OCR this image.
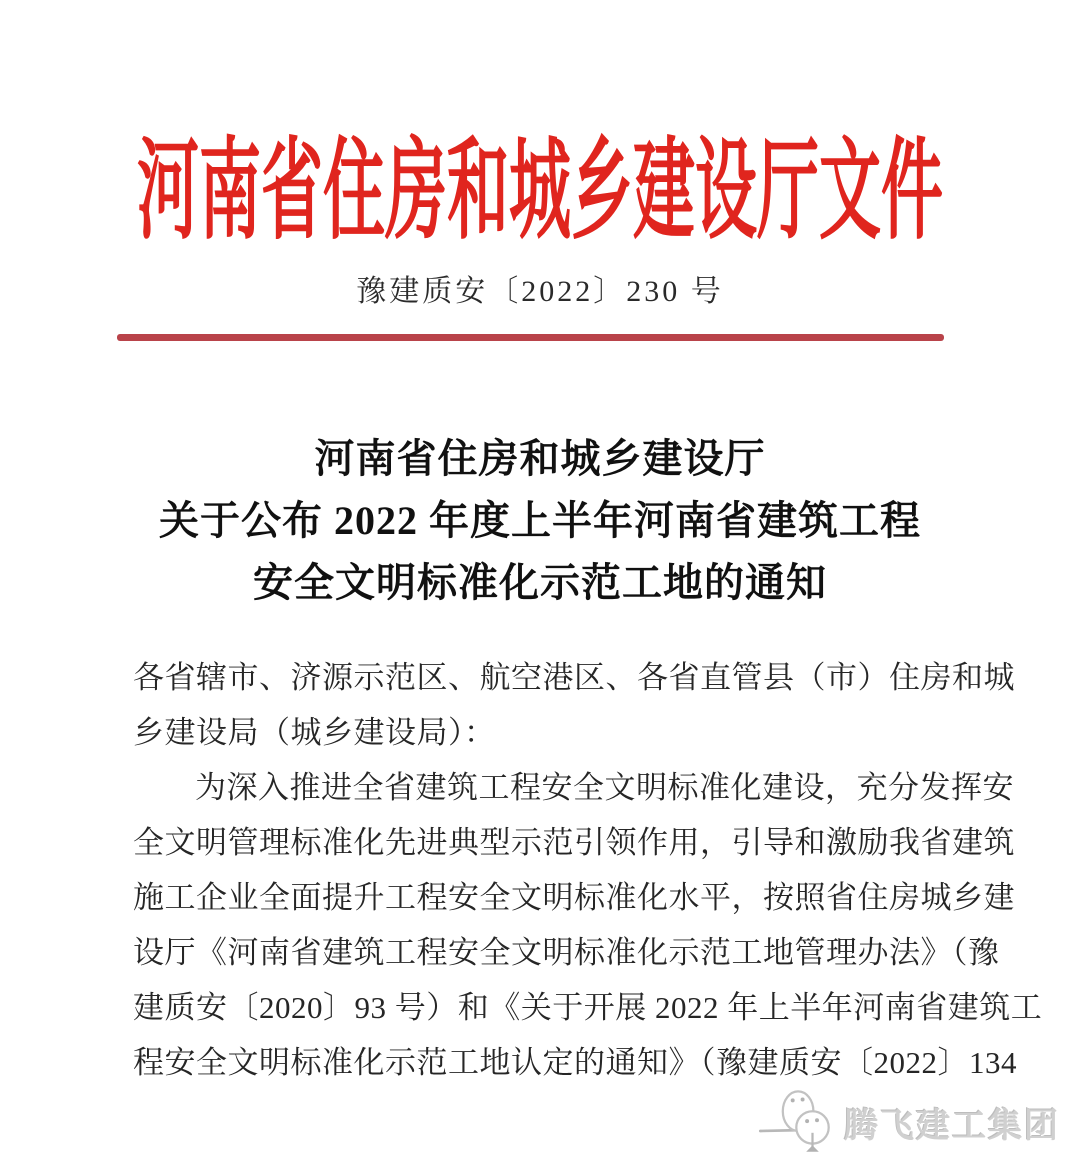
河南省住房和城乡建设厅文件
豫建质安〔2022〕230 号
河南省住房和城乡建设厅
关于公布 2022 年度上半年河南省建筑工程
安全文明标准化示范工地的通知
各省辖市、济源示范区、航空港区、各省直管县（市）住房和城
乡建设局（城乡建设局）：
为深入推进全省建筑工程安全文明标准化建设，充分发挥安
全文明管理标准化先进典型示范引领作用，引导和激励我省建筑
施工企业全面提升工程安全文明标准化水平，按照省住房城乡建
设厅《河南省建筑工程安全文明标准化示范工地管理办法》（豫
建质安〔2020〕93 号）和《关于开展 2022 年上半年河南省建筑工
程安全文明标准化示范工地认定的通知》（豫建质安〔2022〕134
腾飞建工集团
